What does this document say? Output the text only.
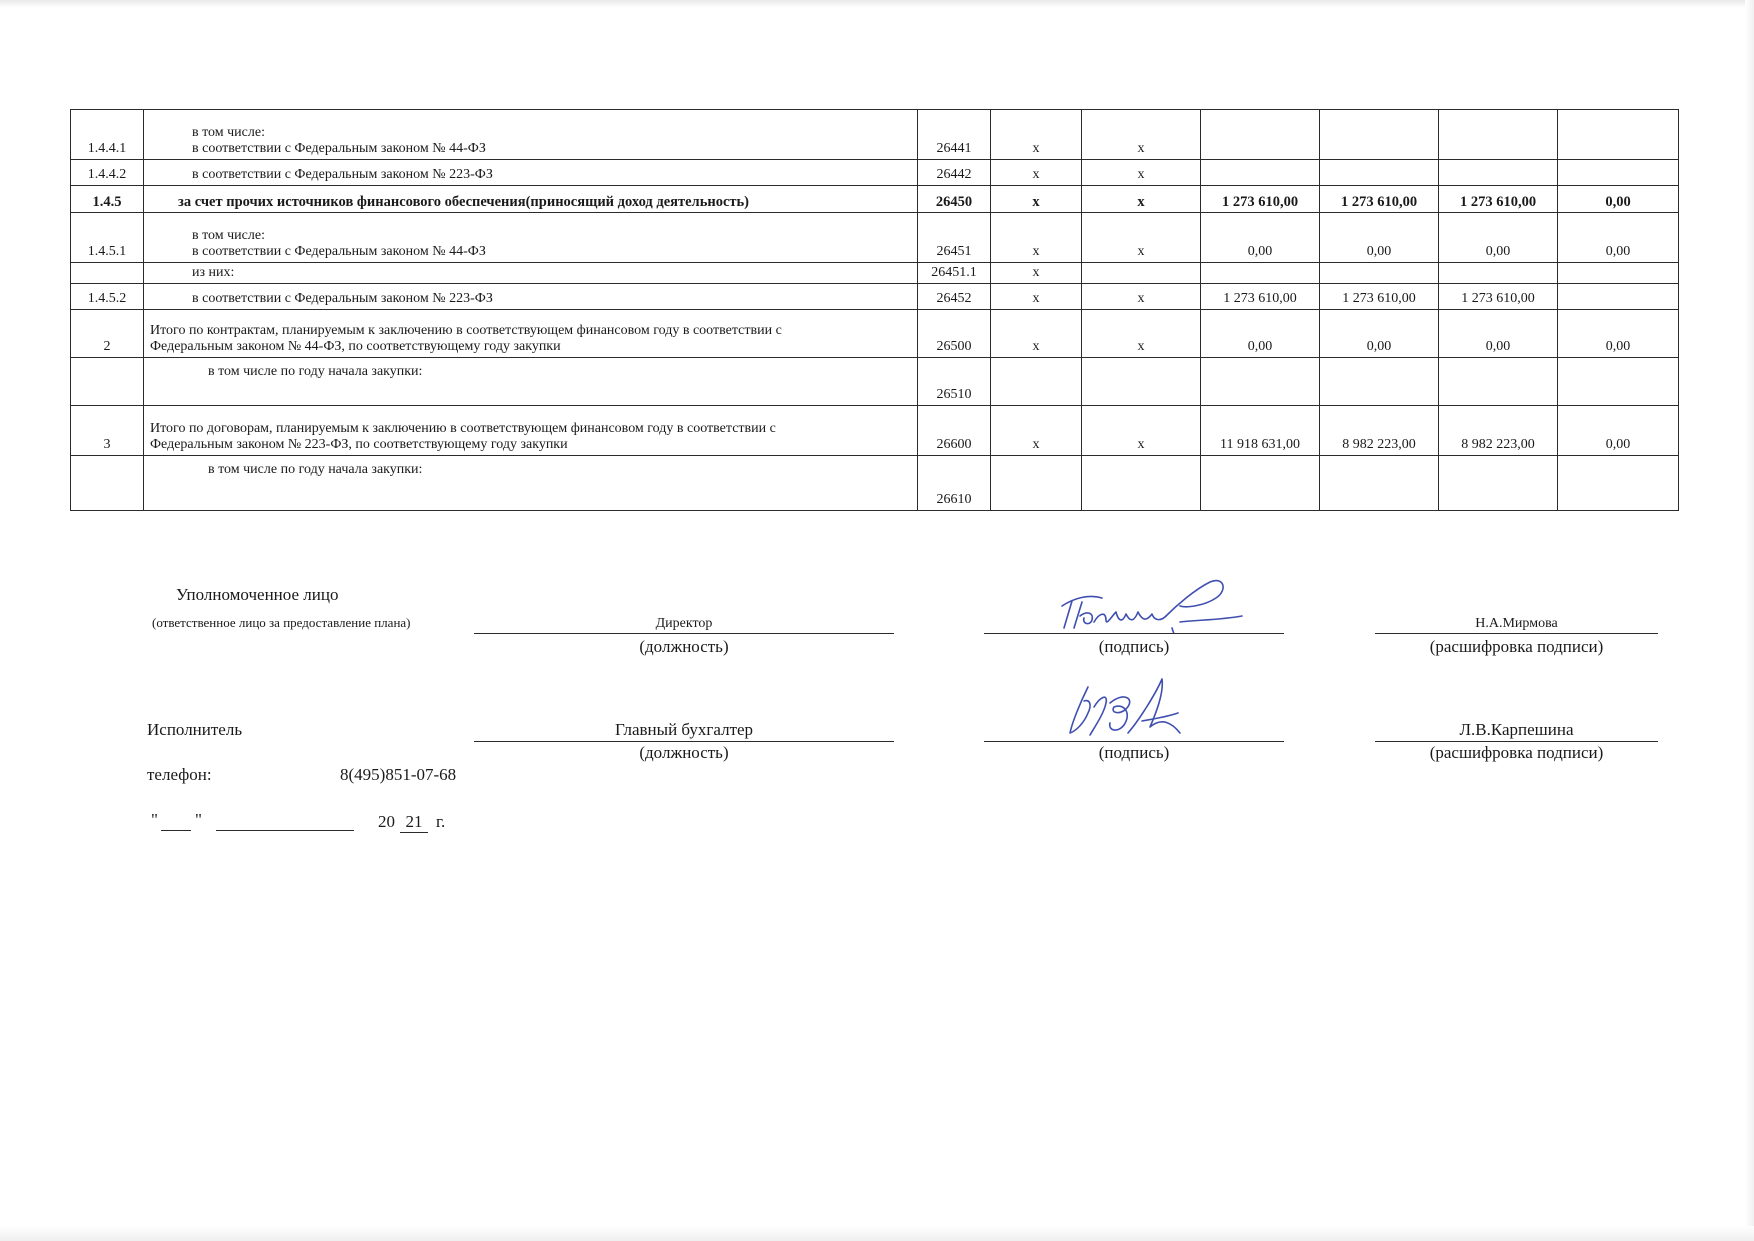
1.4.4.1	в том числе:
в соответствии с Федеральным законом № 44-ФЗ	26441	x	x				
1.4.4.2	в соответствии с Федеральным законом № 223-ФЗ	26442	x	x				
1.4.5	за счет прочих источников финансового обеспечения(приносящий доход деятельность)	26450	x	x	1 273 610,00	1 273 610,00	1 273 610,00	0,00
1.4.5.1	в том числе:
в соответствии с Федеральным законом № 44-ФЗ	26451	x	x	0,00	0,00	0,00	0,00

	из них:	26451.1	x					
1.4.5.2	в соответствии с Федеральным законом № 223-ФЗ	26452	x	x	1 273 610,00	1 273 610,00	1 273 610,00	
2	Итого по контрактам, планируемым к заключению в соответствующем финансовом году в соответствии с
Федеральным законом № 44-ФЗ, по соответствующему году закупки	26500	x	x	0,00	0,00	0,00	0,00

	в том числе по году начала закупки:	26510						
3	Итого по договорам, планируемым к заключению в соответствующем финансовом году в соответствии с
Федеральным законом № 223-ФЗ, по соответствующему году закупки	26600	x	x	11 918 631,00	8 982 223,00	8 982 223,00	0,00

	в том числе по году начала закупки:	26610						
Уполномоченное лицо
(ответственное лицо за предоставление плана)	Директор
(должность)	(подпись)
Н.А.Мирмова
(расшифровка подписи)
Исполнитель	Главный бухгалтер
(должность)	(подпись)
Л.В.Карпешина
(расшифровка подписи)
телефон:	8(495)851-07-68
" "	20 21 г.
